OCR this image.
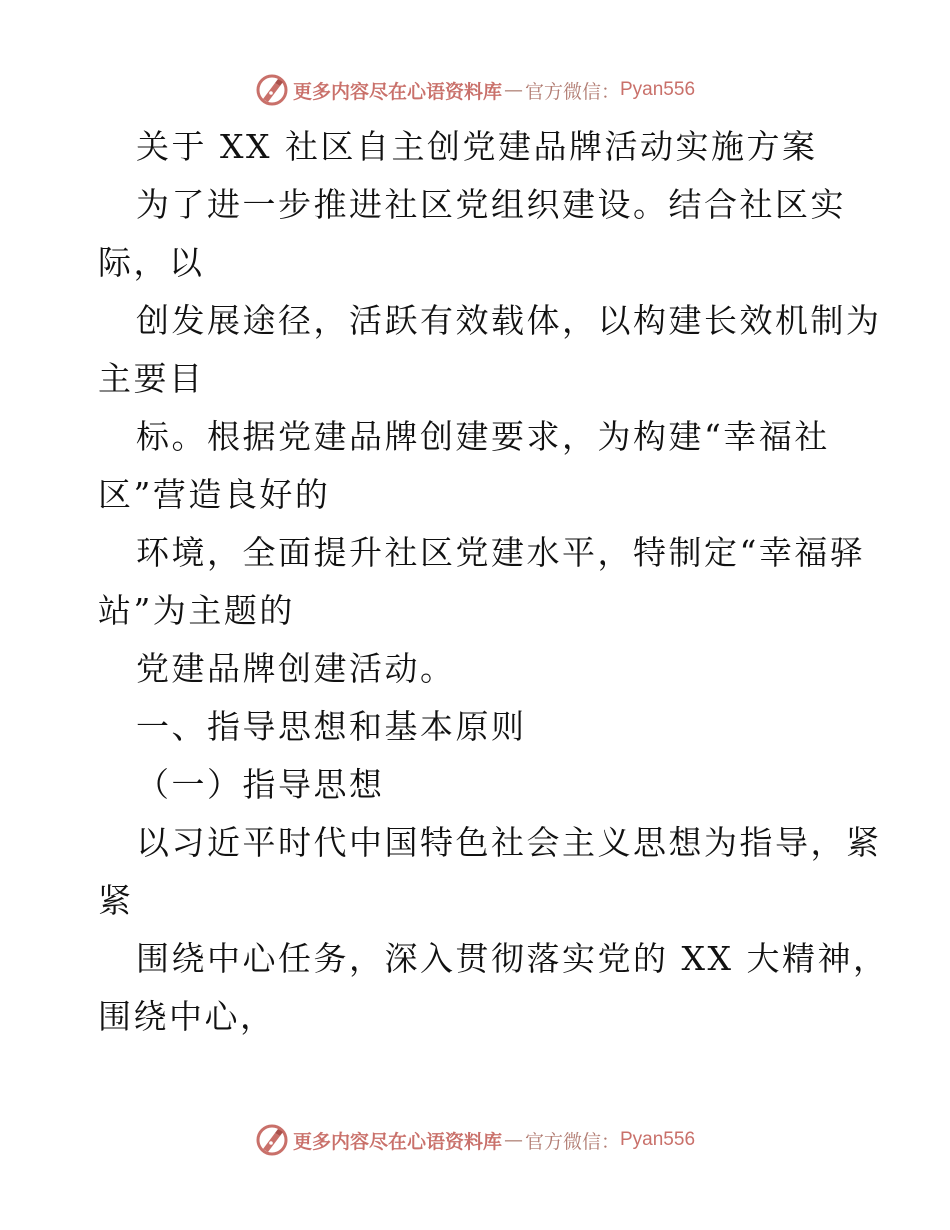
更多内容尽在心语资料库 — 官方微信： Pyan556
关于 XX 社区自主创党建品牌活动实施方案
为了进一步推进社区党组织建设。结合社区实
际，以
创发展途径，活跃有效载体，以构建长效机制为
主要目
标。根据党建品牌创建要求，为构建“幸福社
区”营造良好的
环境，全面提升社区党建水平，特制定“幸福驿
站”为主题的
党建品牌创建活动。
一、指导思想和基本原则
（一）指导思想
以习近平时代中国特色社会主义思想为指导，紧
紧
围绕中心任务，深入贯彻落实党的 XX 大精神，
围绕中心，
更多内容尽在心语资料库 — 官方微信： Pyan556
